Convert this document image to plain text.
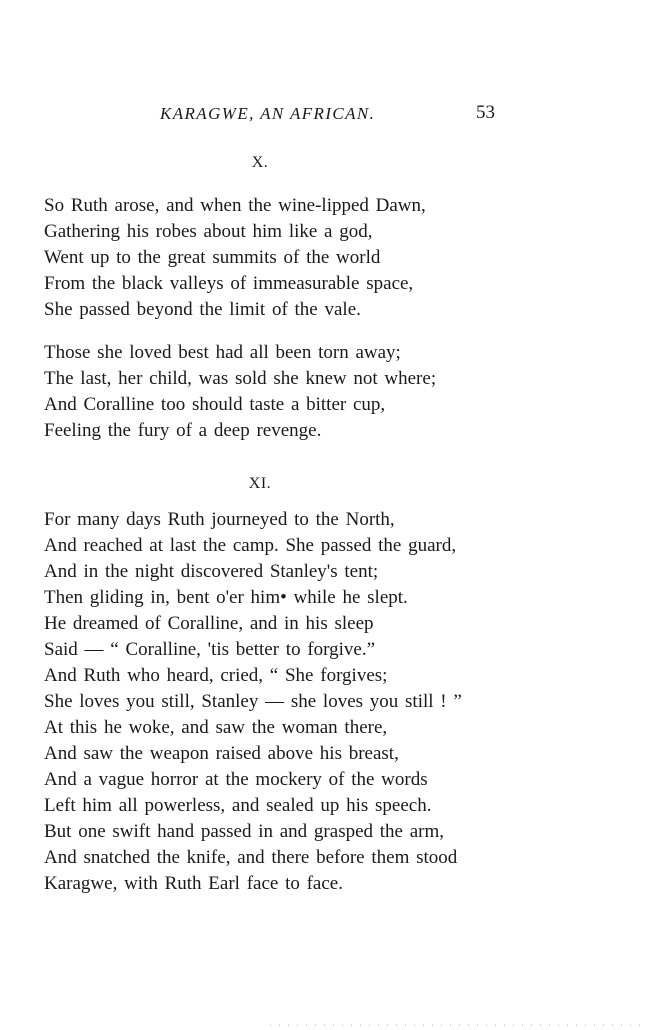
KARAGWE, AN AFRICAN.	53
X.
So Ruth arose, and when the wine-lipped Dawn,
Gathering his robes about him like a god,
Went up to the great summits of the world
From the black valleys of immeasurable space,
She passed beyond the limit of the vale.
Those she loved best had all been torn away;
The last, her child, was sold she knew not where;
And Coralline too should taste a bitter cup,
Feeling the fury of a deep revenge.
XI.
For many days Ruth journeyed to the North,
And reached at last the camp. She passed the guard,
And in the night discovered Stanley's tent;
Then gliding in, bent o'er him• while he slept.
He dreamed of Coralline, and in his sleep
Said — “ Coralline, 'tis better to forgive.”
And Ruth who heard, cried, “ She forgives;
She loves you still, Stanley — she loves you still ! ”
At this he woke, and saw the woman there,
And saw the weapon raised above his breast,
And a vague horror at the mockery of the words
Left him all powerless, and sealed up his speech.
But one swift hand passed in and grasped the arm,
And snatched the knife, and there before them stood
Karagwe, with Ruth Earl face to face.
